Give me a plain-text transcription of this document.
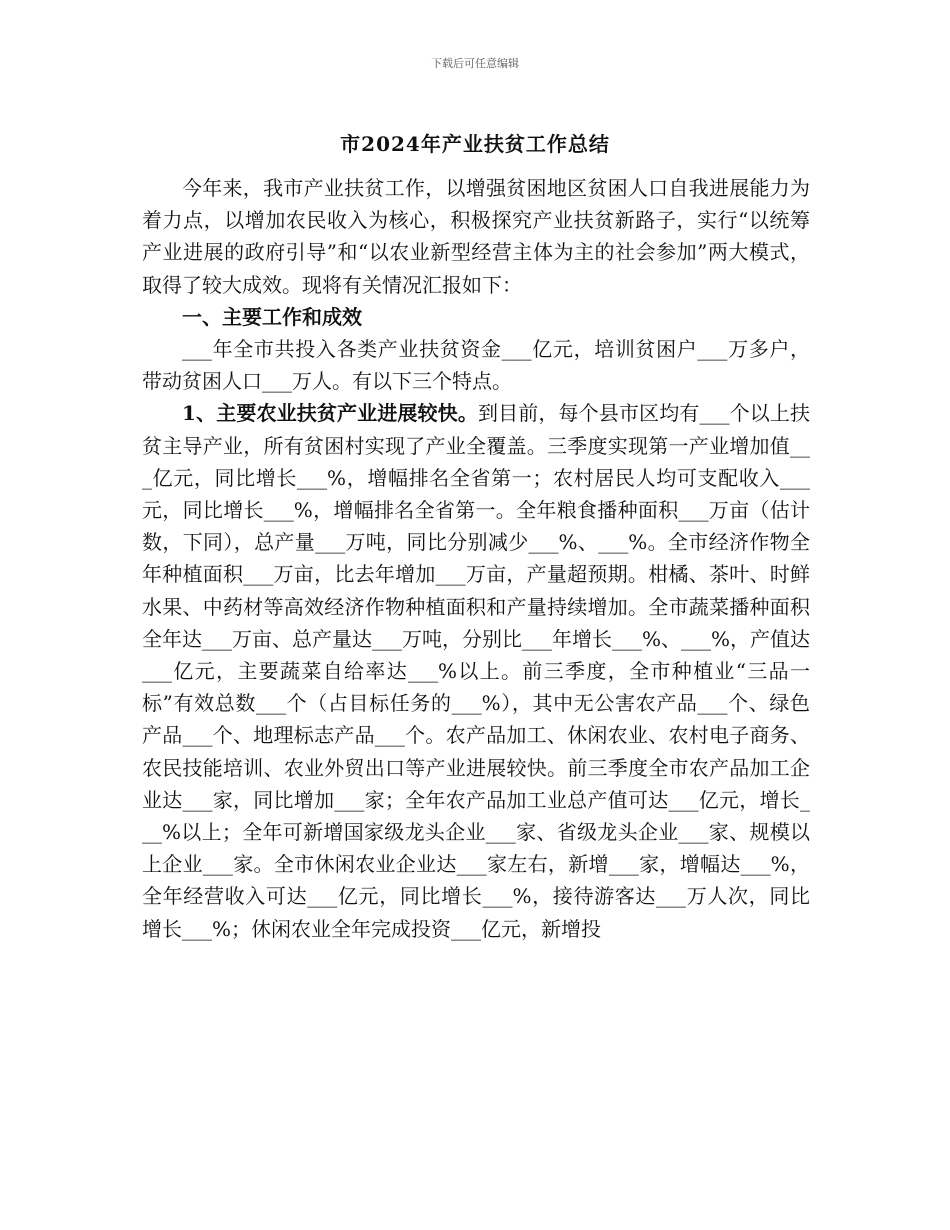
下载后可任意编辑
市2024年产业扶贫工作总结

今年来，我市产业扶贫工作，以增强贫困地区贫困人口自我进展能力为着力点，以增加农民收入为核心，积极探究产业扶贫新路子，实行“以统筹产业进展的政府引导”和“以农业新型经营主体为主的社会参加”两大模式，取得了较大成效。现将有关情况汇报如下：

一、主要工作和成效

___年全市共投入各类产业扶贫资金___亿元，培训贫困户___万多户，带动贫困人口___万人。有以下三个特点。

1、主要农业扶贫产业进展较快。到目前，每个县市区均有___个以上扶贫主导产业，所有贫困村实现了产业全覆盖。三季度实现第一产业增加值___亿元，同比增长___%，增幅排名全省第一；农村居民人均可支配收入___元，同比增长___%，增幅排名全省第一。全年粮食播种面积___万亩（估计数，下同），总产量___万吨，同比分别减少___%、___%。全市经济作物全年种植面积___万亩，比去年增加___万亩，产量超预期。柑橘、茶叶、时鲜水果、中药材等高效经济作物种植面积和产量持续增加。全市蔬菜播种面积全年达___万亩、总产量达___万吨，分别比___年增长___%、___%，产值达___亿元，主要蔬菜自给率达___%以上。前三季度，全市种植业“三品一标”有效总数___个（占目标任务的___%），其中无公害农产品___个、绿色产品___个、地理标志产品___个。农产品加工、休闲农业、农村电子商务、农民技能培训、农业外贸出口等产业进展较快。前三季度全市农产品加工企业达___家，同比增加___家；全年农产品加工业总产值可达___亿元，增长___%以上；全年可新增国家级龙头企业___家、省级龙头企业___家、规模以上企业___家。全市休闲农业企业达___家左右，新增___家，增幅达___%，全年经营收入可达___亿元，同比增长___%，接待游客达___万人次，同比增长___%；休闲农业全年完成投资___亿元，新增投
